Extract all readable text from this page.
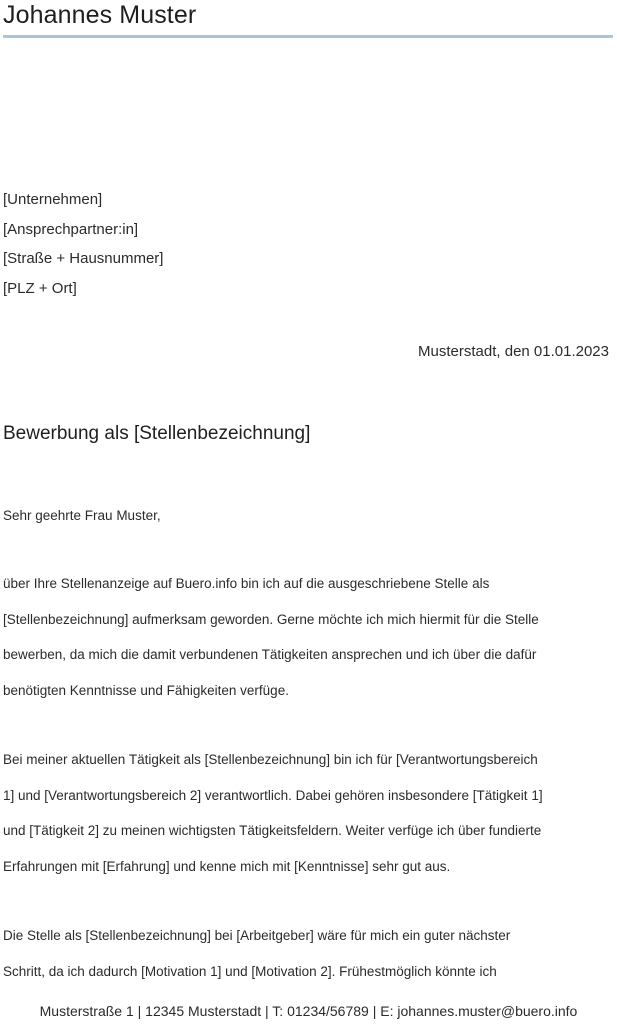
Johannes Muster
[Unternehmen]
[Ansprechpartner:in]
[Straße + Hausnummer]
[PLZ + Ort]
Musterstadt, den 01.01.2023
Bewerbung als [Stellenbezeichnung]
Sehr geehrte Frau Muster,

über Ihre Stellenanzeige auf Buero.info bin ich auf die ausgeschriebene Stelle als
[Stellenbezeichnung] aufmerksam geworden. Gerne möchte ich mich hiermit für die Stelle
bewerben, da mich die damit verbundenen Tätigkeiten ansprechen und ich über die dafür
benötigten Kenntnisse und Fähigkeiten verfüge.

Bei meiner aktuellen Tätigkeit als [Stellenbezeichnung] bin ich für [Verantwortungsbereich
1] und [Verantwortungsbereich 2] verantwortlich. Dabei gehören insbesondere [Tätigkeit 1]
und [Tätigkeit 2] zu meinen wichtigsten Tätigkeitsfeldern. Weiter verfüge ich über fundierte
Erfahrungen mit [Erfahrung] und kenne mich mit [Kenntnisse] sehr gut aus.

Die Stelle als [Stellenbezeichnung] bei [Arbeitgeber] wäre für mich ein guter nächster
Schritt, da ich dadurch [Motivation 1] und [Motivation 2]. Frühestmöglich könnte ich

Musterstraße 1 | 12345 Musterstadt | T: 01234/56789 | E: johannes.muster@buero.info
